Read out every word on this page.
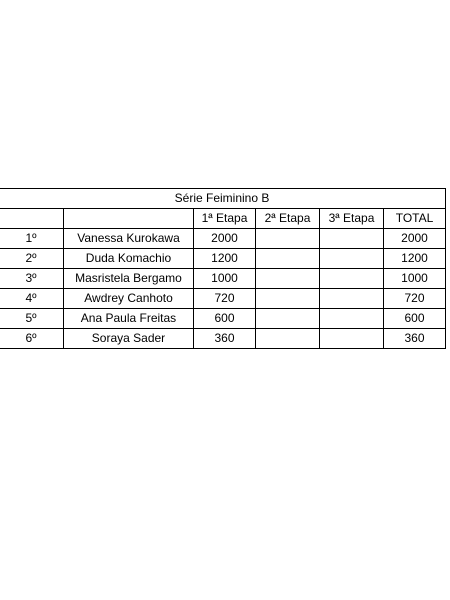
Série Feiminino B					
		1ª Etapa	2ª Etapa	3ª Etapa	TOTAL
1º	Vanessa Kurokawa	2000			2000
2º	Duda Komachio	1200			1200
3º	Masristela Bergamo	1000			1000
4º	Awdrey Canhoto	720			720
5º	Ana Paula Freitas	600			600
6º	Soraya Sader	360			360
